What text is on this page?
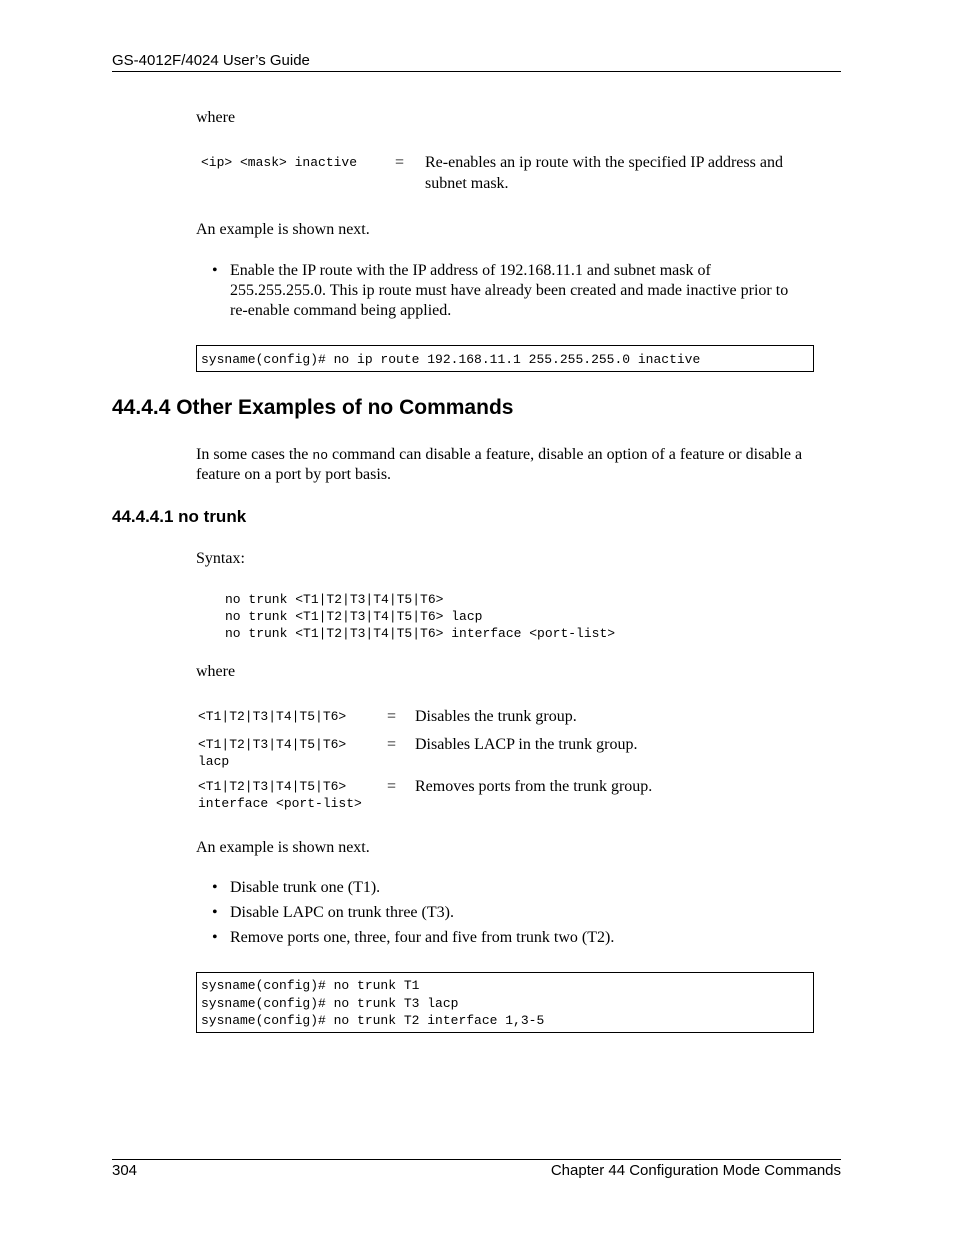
GS-4012F/4024 User’s Guide
where
<ip> <mask> inactive = Re-enables an ip route with the specified IP address and
subnet mask.
An example is shown next.
• Enable the IP route with the IP address of 192.168.11.1 and subnet mask of
255.255.255.0. This ip route must have already been created and made inactive prior to
re-enable command being applied.
sysname(config)# no ip route 192.168.11.1 255.255.255.0 inactive
44.4.4 Other Examples of no Commands
In some cases the no command can disable a feature, disable an option of a feature or disable a
feature on a port by port basis.
44.4.4.1 no trunk
Syntax:
no trunk <T1|T2|T3|T4|T5|T6>
no trunk <T1|T2|T3|T4|T5|T6> lacp
no trunk <T1|T2|T3|T4|T5|T6> interface <port-list>
where
<T1|T2|T3|T4|T5|T6>	= Disables the trunk group.
<T1|T2|T3|T4|T5|T6>
lacp
= Disables LACP in the trunk group.
<T1|T2|T3|T4|T5|T6>
interface <port-list>
= Removes ports from the trunk group.
An example is shown next.
• Disable trunk one (T1).
• Disable LAPC on trunk three (T3).
• Remove ports one, three, four and five from trunk two (T2).
sysname(config)# no trunk T1
sysname(config)# no trunk T3 lacp
sysname(config)# no trunk T2 interface 1,3-5
304	Chapter 44 Configuration Mode Commands
